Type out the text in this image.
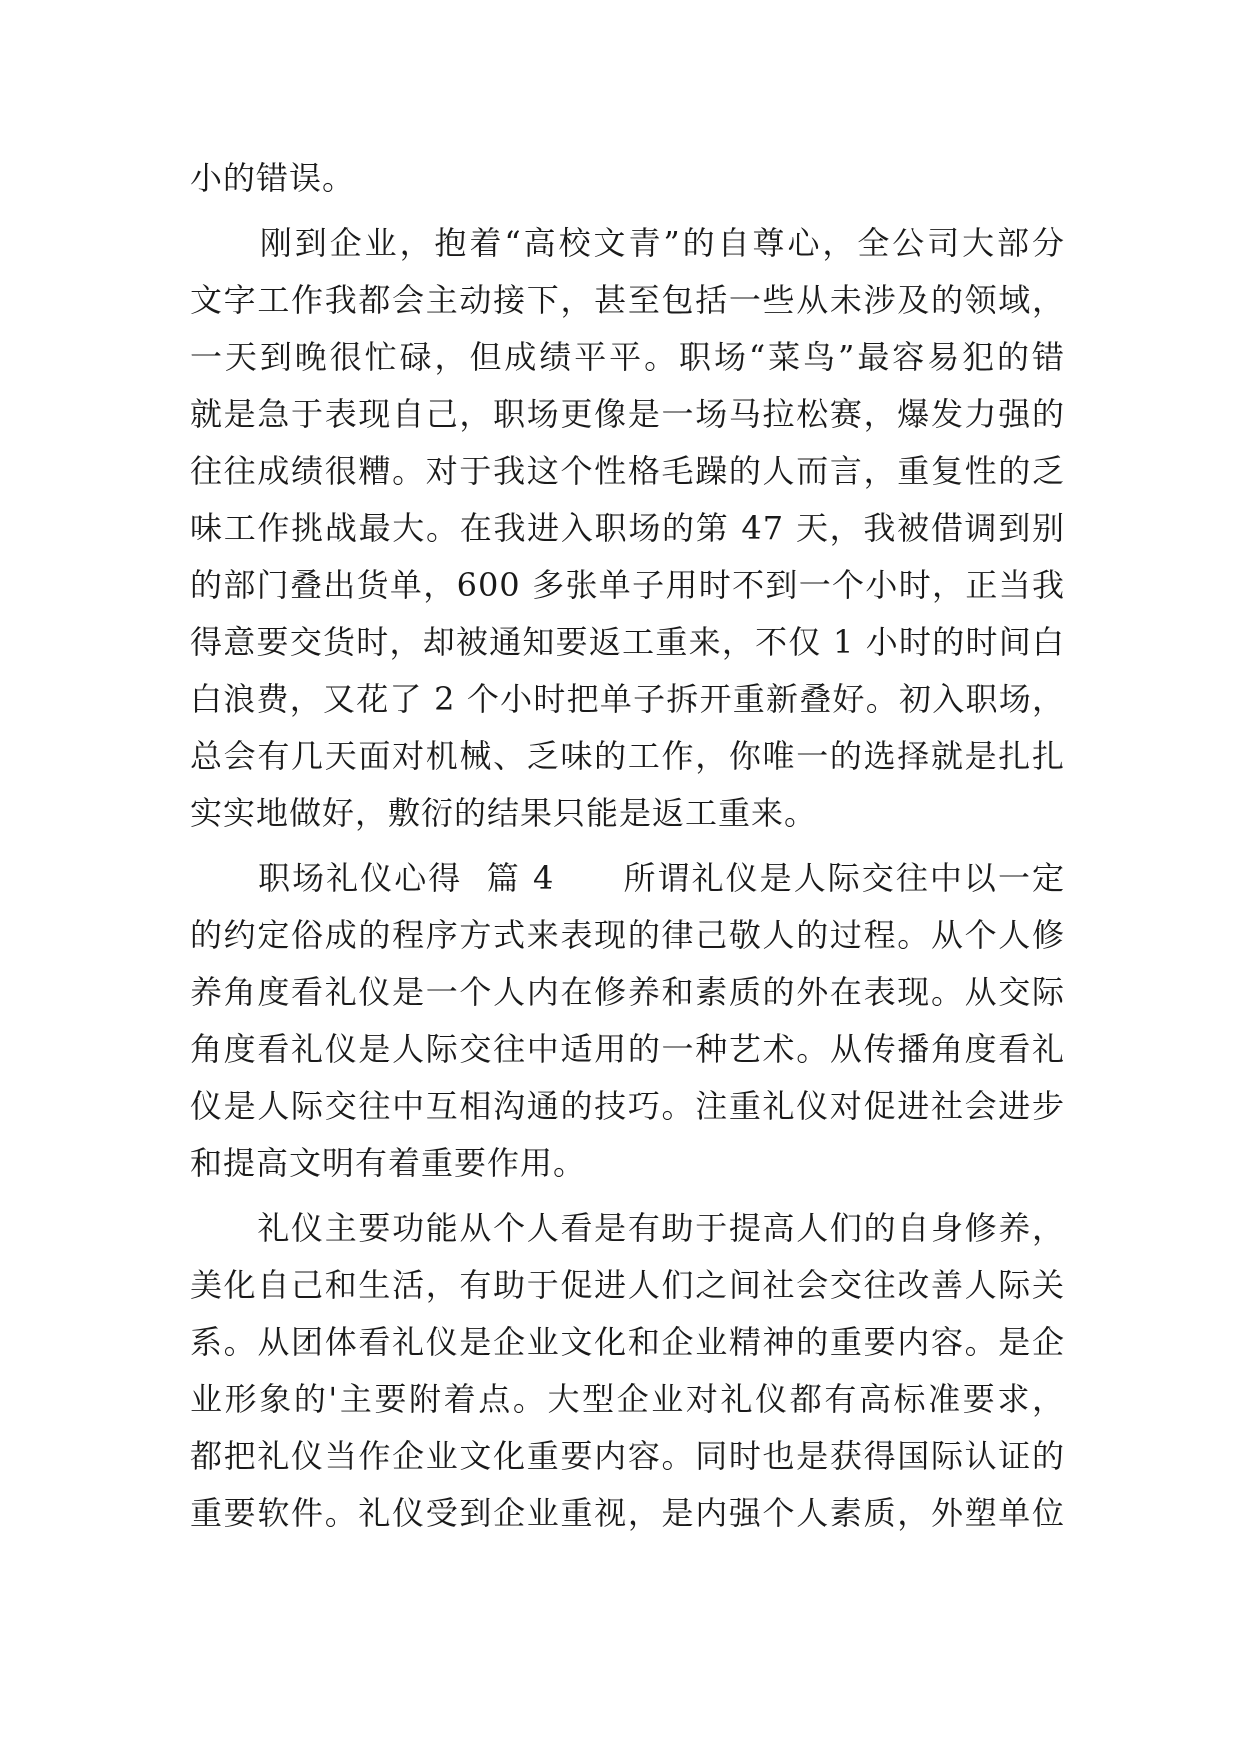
小的错误。
　　刚到企业，抱着“高校文青”的自尊心，全公司大部分
文字工作我都会主动接下，甚至包括一些从未涉及的领域，
一天到晚很忙碌，但成绩平平。职场“菜鸟”最容易犯的错
就是急于表现自己，职场更像是一场马拉松赛，爆发力强的
往往成绩很糟。对于我这个性格毛躁的人而言，重复性的乏
味工作挑战最大。在我进入职场的第 47 天，我被借调到别
的部门叠出货单，600 多张单子用时不到一个小时，正当我
得意要交货时，却被通知要返工重来，不仅 1 小时的时间白
白浪费，又花了 2 个小时把单子拆开重新叠好。初入职场，
总会有几天面对机械、乏味的工作，你唯一的选择就是扎扎
实实地做好，敷衍的结果只能是返工重来。
　　职场礼仪心得  篇 4　　所谓礼仪是人际交往中以一定
的约定俗成的程序方式来表现的律己敬人的过程。从个人修
养角度看礼仪是一个人内在修养和素质的外在表现。从交际
角度看礼仪是人际交往中适用的一种艺术。从传播角度看礼
仪是人际交往中互相沟通的技巧。注重礼仪对促进社会进步
和提高文明有着重要作用。
　　礼仪主要功能从个人看是有助于提高人们的自身修养，
美化自己和生活，有助于促进人们之间社会交往改善人际关
系。从团体看礼仪是企业文化和企业精神的重要内容。是企
业形象的'主要附着点。大型企业对礼仪都有高标准要求，
都把礼仪当作企业文化重要内容。同时也是获得国际认证的
重要软件。礼仪受到企业重视，是内强个人素质，外塑单位
